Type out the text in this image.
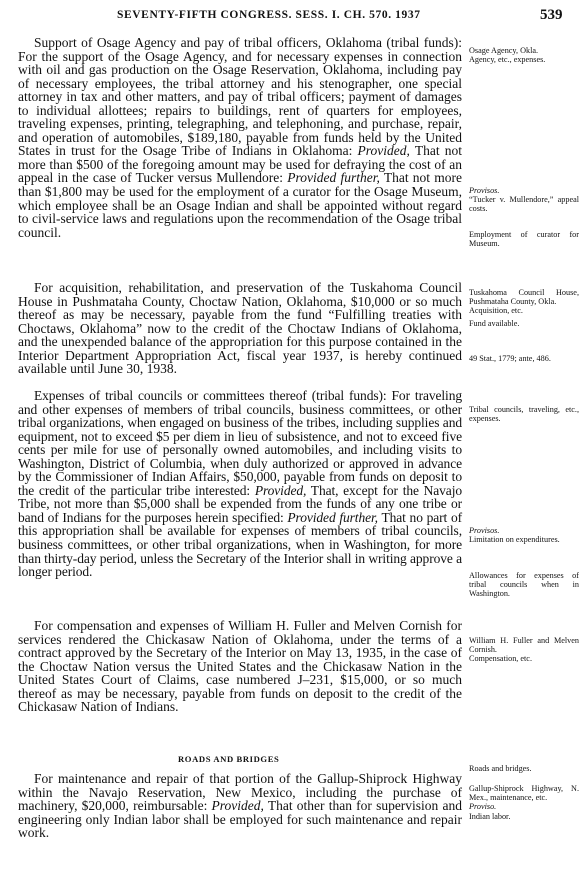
SEVENTY-FIFTH CONGRESS. SESS. I. CH. 570. 1937	539

Support of Osage Agency and pay of tribal officers, Oklahoma (tribal funds): For the support of the Osage Agency, and for necessary expenses in connection with oil and gas production on the Osage Reservation, Oklahoma, including pay of necessary employees, the tribal attorney and his stenographer, one special attorney in tax and other matters, and pay of tribal officers; payment of damages to individual allottees; repairs to buildings, rent of quarters for employees, traveling expenses, printing, telegraphing, and telephoning, and purchase, repair, and operation of automobiles, $189,180, payable from funds held by the United States in trust for the Osage Tribe of Indians in Oklahoma: Provided, That not more than $500 of the foregoing amount may be used for defraying the cost of an appeal in the case of Tucker versus Mullendore: Provided further, That not more than $1,800 may be used for the employment of a curator for the Osage Museum, which employee shall be an Osage Indian and shall be appointed without regard to civil-service laws and regulations upon the recommendation of the Osage tribal council.

For acquisition, rehabilitation, and preservation of the Tuskahoma Council House in Pushmataha County, Choctaw Nation, Oklahoma, $10,000 or so much thereof as may be necessary, payable from the fund “Fulfilling treaties with Choctaws, Oklahoma” now to the credit of the Choctaw Indians of Oklahoma, and the unexpended balance of the appropriation for this purpose contained in the Interior Department Appropriation Act, fiscal year 1937, is hereby continued available until June 30, 1938.

Expenses of tribal councils or committees thereof (tribal funds): For traveling and other expenses of members of tribal councils, business committees, or other tribal organizations, when engaged on business of the tribes, including supplies and equipment, not to exceed $5 per diem in lieu of subsistence, and not to exceed five cents per mile for use of personally owned automobiles, and including visits to Washington, District of Columbia, when duly authorized or approved in advance by the Commissioner of Indian Affairs, $50,000, payable from funds on deposit to the credit of the particular tribe interested: Provided, That, except for the Navajo Tribe, not more than $5,000 shall be expended from the funds of any one tribe or band of Indians for the purposes herein specified: Provided further, That no part of this appropriation shall be available for expenses of members of tribal councils, business committees, or other tribal organizations, when in Washington, for more than thirty-day period, unless the Secretary of the Interior shall in writing approve a longer period.

For compensation and expenses of William H. Fuller and Melven Cornish for services rendered the Chickasaw Nation of Oklahoma, under the terms of a contract approved by the Secretary of the Interior on May 13, 1935, in the case of the Choctaw Nation versus the United States and the Chickasaw Nation in the United States Court of Claims, case numbered J–231, $15,000, or so much thereof as may be necessary, payable from funds on deposit to the credit of the Chickasaw Nation of Indians.

ROADS AND BRIDGES

For maintenance and repair of that portion of the Gallup-Shiprock Highway within the Navajo Reservation, New Mexico, including the purchase of machinery, $20,000, reimbursable: Provided, That other than for supervision and engineering only Indian labor shall be employed for such maintenance and repair work.

Osage Agency, Okla.
Agency, etc., expenses.
Provisos.
“Tucker v. Mullendore,” appeal costs.
Employment of curator for Museum.
Tuskahoma Council House, Pushmataha County, Okla.
Acquisition, etc.
Fund available.
49 Stat., 1779; ante, 486.
Tribal councils, traveling, etc., expenses.
Provisos.
Limitation on expenditures.
Allowances for expenses of tribal councils when in Washington.
William H. Fuller and Melven Cornish.
Compensation, etc.
Roads and bridges.
Gallup-Shiprock Highway, N. Mex., maintenance, etc.
Proviso.
Indian labor.
